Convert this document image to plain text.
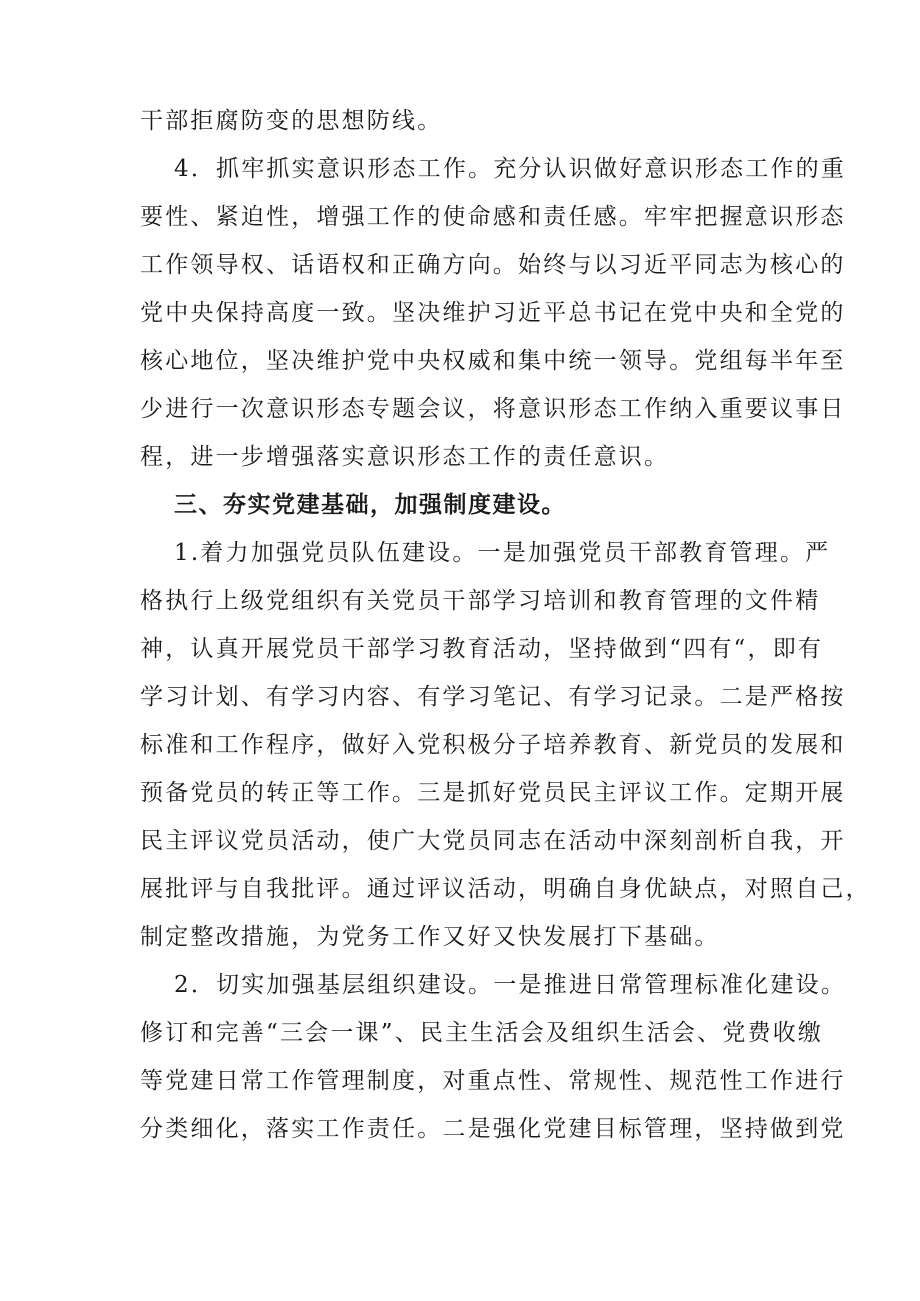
干部拒腐防变的思想防线。
4．抓牢抓实意识形态工作。充分认识做好意识形态工作的重
要性、紧迫性，增强工作的使命感和责任感。牢牢把握意识形态
工作领导权、话语权和正确方向。始终与以习近平同志为核心的
党中央保持高度一致。坚决维护习近平总书记在党中央和全党的
核心地位，坚决维护党中央权威和集中统一领导。党组每半年至
少进行一次意识形态专题会议，将意识形态工作纳入重要议事日
程，进一步增强落实意识形态工作的责任意识。
三、夯实党建基础，加强制度建设。
1.着力加强党员队伍建设。一是加强党员干部教育管理。严
格执行上级党组织有关党员干部学习培训和教育管理的文件精
神，认真开展党员干部学习教育活动，坚持做到“四有“，即有
学习计划、有学习内容、有学习笔记、有学习记录。二是严格按
标准和工作程序，做好入党积极分子培养教育、新党员的发展和
预备党员的转正等工作。三是抓好党员民主评议工作。定期开展
民主评议党员活动，使广大党员同志在活动中深刻剖析自我，开
展批评与自我批评。通过评议活动，明确自身优缺点，对照自己，
制定整改措施，为党务工作又好又快发展打下基础。
2．切实加强基层组织建设。一是推进日常管理标准化建设。
修订和完善“三会一课”、民主生活会及组织生活会、党费收缴
等党建日常工作管理制度，对重点性、常规性、规范性工作进行
分类细化，落实工作责任。二是强化党建目标管理，坚持做到党
